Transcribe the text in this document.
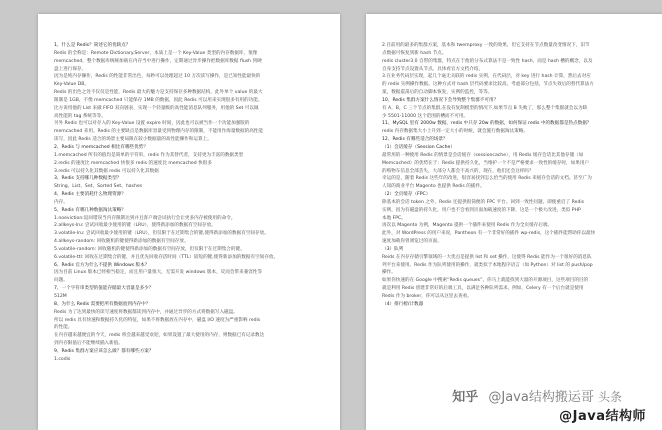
1、什么是 Redis？简述它的优缺点？
Redis 的全称是：Remote Dictionary.Server，本质上是一个 Key-Value 类型的内存数据库，很像
memcached，整个数据库统统加载在内存当中进行操作，定期通过异步操作把数据库数据 flush 到硬
盘上进行保存。
因为是纯内存操作，Redis 的性能非常出色，每秒可以处理超过 10 万次读写操作，是已知性能最快的
Key-Value DB。
Redis 的出色之处不仅仅是性能，Redis 最大的魅力是支持保存多种数据结构，此外单个 value 的最大
限制是 1GB，不像 memcached 只能保存 1MB 的数据，因此 Redis 可以用来实现很多有用的功能。
比方说用他的 List 来做 FIFO 双向链表，实现一个轻量级的高性能消息队列服务，用他的 Set 可以做
高性能的 tag 系统等等。
另外 Redis 也可以对存入的 Key-Value 设置 expire 时间，因此也可以被当作一个功能加强版的
memcached 来用。Redis 的主要缺点是数据库容量受到物理内存的限制，不能用作海量数据的高性能
读写，因此 Redis 适合的场景主要局限在较小数据量的高性能操作和运算上。
2、Redis 与 memcached 相比有哪些优势？
1.memcached 所有的值均是简单的字符串，redis 作为其替代者，支持更为丰富的数据类型
2.redis 的速度比 memcached 快很多 redis 的速度比 memcached 快很多
3.redis 可以持久化其数据 redis 可以持久化其数据
3、Redis 支持哪几种数据类型？
String、List、Set、Sorted Set、hashes
4、Redis 主要消耗什么物理资源？
内存。
5、Redis 有哪几种数据淘汰策略？
1.noeviction:返回错误当内存限制达到并且客户端尝试执行会让更多内存被使用的命令。
2.allkeys-lru: 尝试回收最少使用的键（LRU），使得新添加的数据有空间存放。
3.volatile-lru: 尝试回收最少使用的键（LRU），但仅限于在过期集合的键,使得新添加的数据有空间存放。
4.allkeys-random: 回收随机的键使得新添加的数据有空间存放。
5.volatile-random: 回收随机的键使得新添加的数据有空间存放，但仅限于在过期集合的键。
6.volatile-ttl: 回收在过期集合的键，并且优先回收存活时间（TTL）较短的键,使得新添加的数据有空间存放。
6、Redis 官方为什么不提供 Windows 版本？
因为目前 Linux 版本已经相当稳定，而且用户量很大，无需开发 windows 版本，反而会带来兼容性等
问题。
7、一个字符串类型的值能存储最大容量是多少？
512M
8、为什么 Redis 需要把所有数据放到内存中？
Redis 为了达到最快的读写速度将数据都读到内存中，并通过异步的方式将数据写入磁盘。
所以 redis 具有快速和数据持久化的特征，如果不将数据放在内存中，磁盘 I/O 速度为严重影响 redis
的性能。
在内存越来越便宜的今天，redis 将会越来越受欢迎，如果设置了最大使用的内存，则数据已有记录数达
到内存限值后不能继续插入新值。
9、Redis 集群方案应该怎么做？都有哪些方案？
1.codis
2.目前用的最多的集群方案，基本和 twemproxy 一致的效果，但它支持在节点数量改变情况下，旧节
点数据可恢复到新 hash 节点。
redis cluster3.0 自带的集群，特点在于他的分布式算法不是一致性 hash，而是 hash 槽的概念，以及
自身支持节点设置从节点。具体看官方文档介绍。
3.在业务代码层实现，起几个毫无关联的 redis 实例，在代码层，对 key 进行 hash 计算，然后去对应
的 redis 实例操作数据。这种方式对 hash 层代码要求比较高，考虑部分包括，节点失效后的替代算法方
案，数据震荡后的自动脚本恢复，实例的监控，等等。
10、Redis 集群方案什么情况下会导致整个集群不可用？
有 A，B，C 三个节点的集群,在没有复制模型的情况下,如果节点 B 失败了，那么整个集群就会以为缺
少 5501-11000 这个范围的槽而不可用。
11、MySQL 里有 2000w 数据，redis 中只存 20w 的数据，如何保证 redis 中的数据都是热点数据？
redis 内存数据集大小上升到一定大小的时候，就会施行数据淘汰策略。
12、Redis 有哪些适合的场景？
（1）会话缓存（Session Cache）
最常用的一种使用 Redis 的情景是会话缓存（sessioncache），用 Redis 缓存会话比其他存储（如
Memcached）的优势在于：Redis 提供持久化，当维护一个不是严格要求一致性的缓存时，如果用户
的购物车信息全部丢失，大部分人都会不高兴的，现在，他们还会这样吗？
幸运的是，随着 Redis 这些年的改进，很容易找到怎么恰当的使用 Redis 来缓存会话的文档。甚至广为
人知的商业平台 Magento 也提供 Redis 的插件。
（2）全页缓存（FPC）
除基本的会话 token 之外，Redis 还提供很简便的 FPC 平台。回到一致性问题，即使重启了 Redis
实例，因为有磁盘的持久化，用户也不会看到页面加载速度的下降，这是一个极大改进，类似 PHP
本地 FPC。
再次以 Magento 为例，Magento 提供一个插件来使用 Redis 作为全页缓存后端。
此外，对 WordPress 的用户来说，Pantheon 有一个非常好的插件 wp-redis，这个插件能帮助你以最快
速度加载你曾浏览过的页面。
（3）队列
Reids 在内存存储引擎领域的一大优点是提供 list 和 set 操作，这使得 Redis 能作为一个很好的消息队
列平台来使用。Redis 作为队列使用的操作，就类似于本地程序语言（如 Python）对 list 的 push/pop
操作。
如果你快速的在 Google 中搜索“Redis queues”，你马上就能找到大量的开源项目，这些项目的目的
就是利用 Redis 创建非常好的后端工具，以满足各种队列需求。例如，Celery 有一个后台就是使用
Redis 作为 broker，你可以从这里去查看。
（4）排行榜/计数器
知乎 @Java结构搬运哥 头条
@Java结构师
